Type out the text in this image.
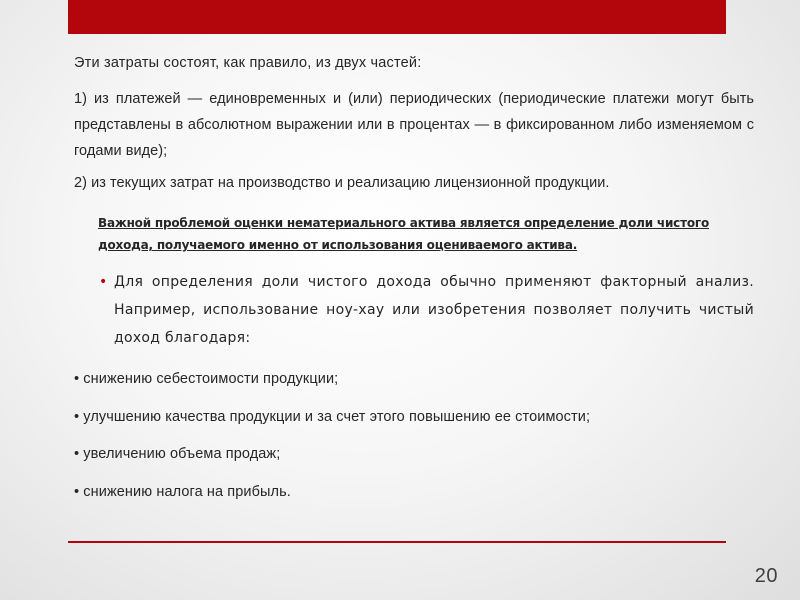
Эти затраты состоят, как правило, из двух частей:

1) из платежей — единовременных и (или) периодических (периодические платежи могут быть представлены в абсолютном выражении или в процентах — в фиксированном либо изменяемом с годами виде);

2) из текущих затрат на производство и реализацию лицензионной продукции.

Важной проблемой оценки нематериального актива является определение доли чистого дохода, получаемого именно от использования оцениваемого актива.

• Для определения доли чистого дохода обычно применяют факторный анализ. Например, использование ноу-хау или изобретения позволяет получить чистый доход благодаря:

• снижению себестоимости продукции;

• улучшению качества продукции и за счет этого повышению ее стоимости;

• увеличению объема продаж;

• снижению налога на прибыль.

20
